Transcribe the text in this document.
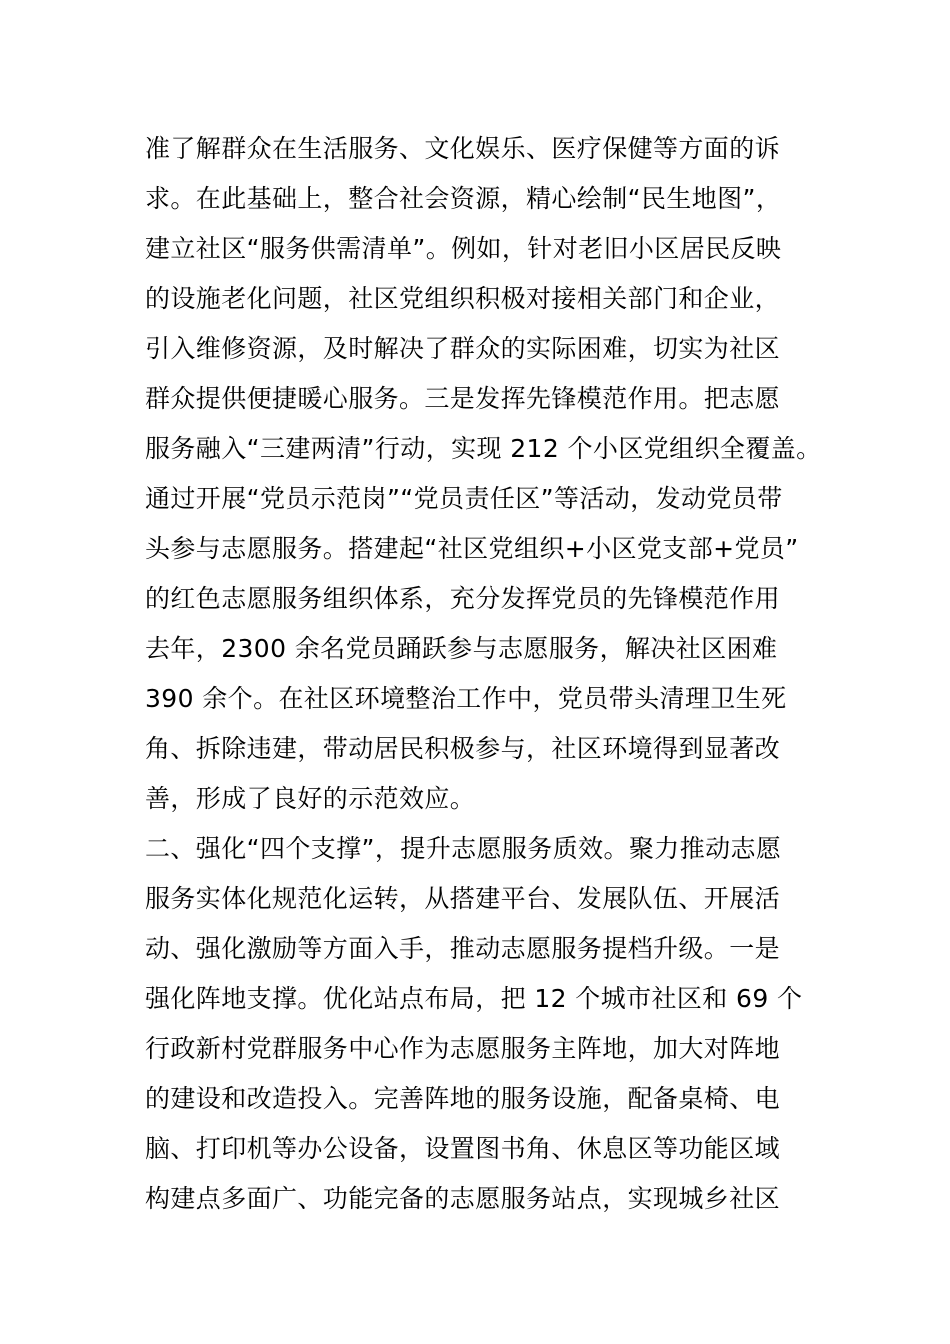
准了解群众在生活服务、文化娱乐、医疗保健等方面的诉
求。在此基础上，整合社会资源，精心绘制“民生地图”，
建立社区“服务供需清单”。例如，针对老旧小区居民反映
的设施老化问题，社区党组织积极对接相关部门和企业，
引入维修资源，及时解决了群众的实际困难，切实为社区
群众提供便捷暖心服务。三是发挥先锋模范作用。把志愿
服务融入“三建两清”行动，实现 212 个小区党组织全覆盖。
通过开展“党员示范岗”“党员责任区”等活动，发动党员带
头参与志愿服务。搭建起“社区党组织+小区党支部+党员”
的红色志愿服务组织体系，充分发挥党员的先锋模范作用
去年，2300 余名党员踊跃参与志愿服务，解决社区困难
390 余个。在社区环境整治工作中，党员带头清理卫生死
角、拆除违建，带动居民积极参与，社区环境得到显著改
善，形成了良好的示范效应。
二、强化“四个支撑”，提升志愿服务质效。聚力推动志愿
服务实体化规范化运转，从搭建平台、发展队伍、开展活
动、强化激励等方面入手，推动志愿服务提档升级。一是
强化阵地支撑。优化站点布局，把 12 个城市社区和 69 个
行政新村党群服务中心作为志愿服务主阵地，加大对阵地
的建设和改造投入。完善阵地的服务设施，配备桌椅、电
脑、打印机等办公设备，设置图书角、休息区等功能区域
构建点多面广、功能完备的志愿服务站点，实现城乡社区
